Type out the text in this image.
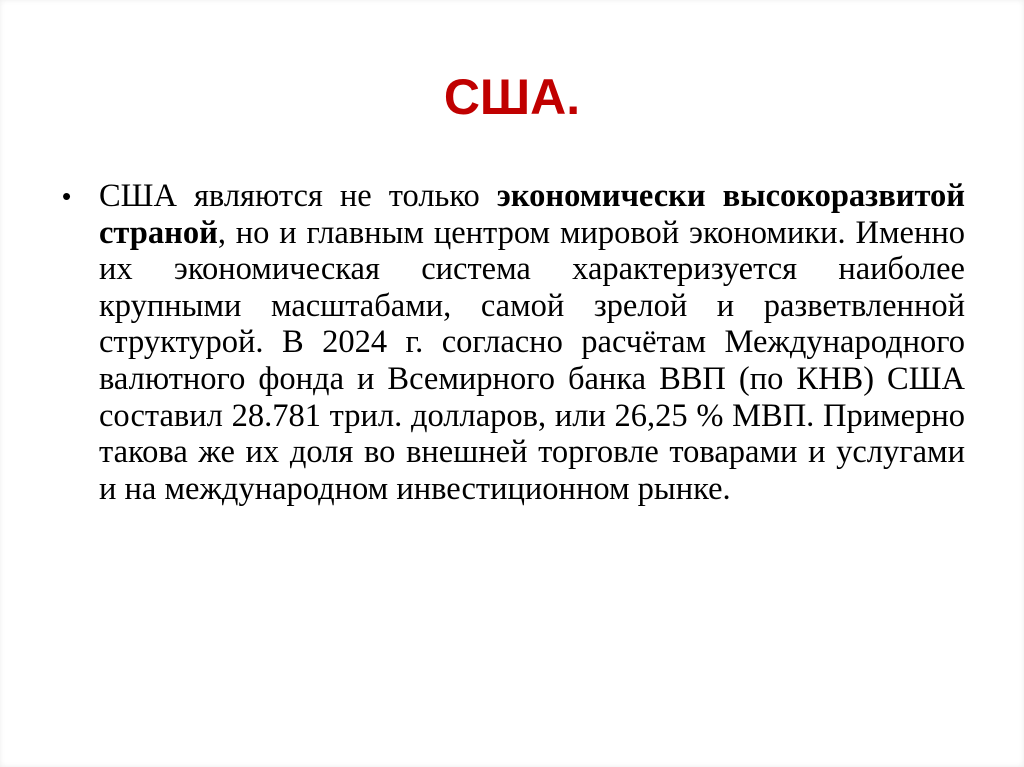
США.
• США являются не только экономически высокоразвитой страной, но и главным центром мировой экономики. Именно их экономическая система характеризуется наиболее крупными масштабами, самой зрелой и разветвленной структурой. В 2024 г. согласно расчётам Международного валютного фонда и Всемирного банка ВВП (по КНВ) США составил 28.781 трил. долларов, или 26,25 % МВП. Примерно такова же их доля во внешней торговле товарами и услугами и на международном инвестиционном рынке.
